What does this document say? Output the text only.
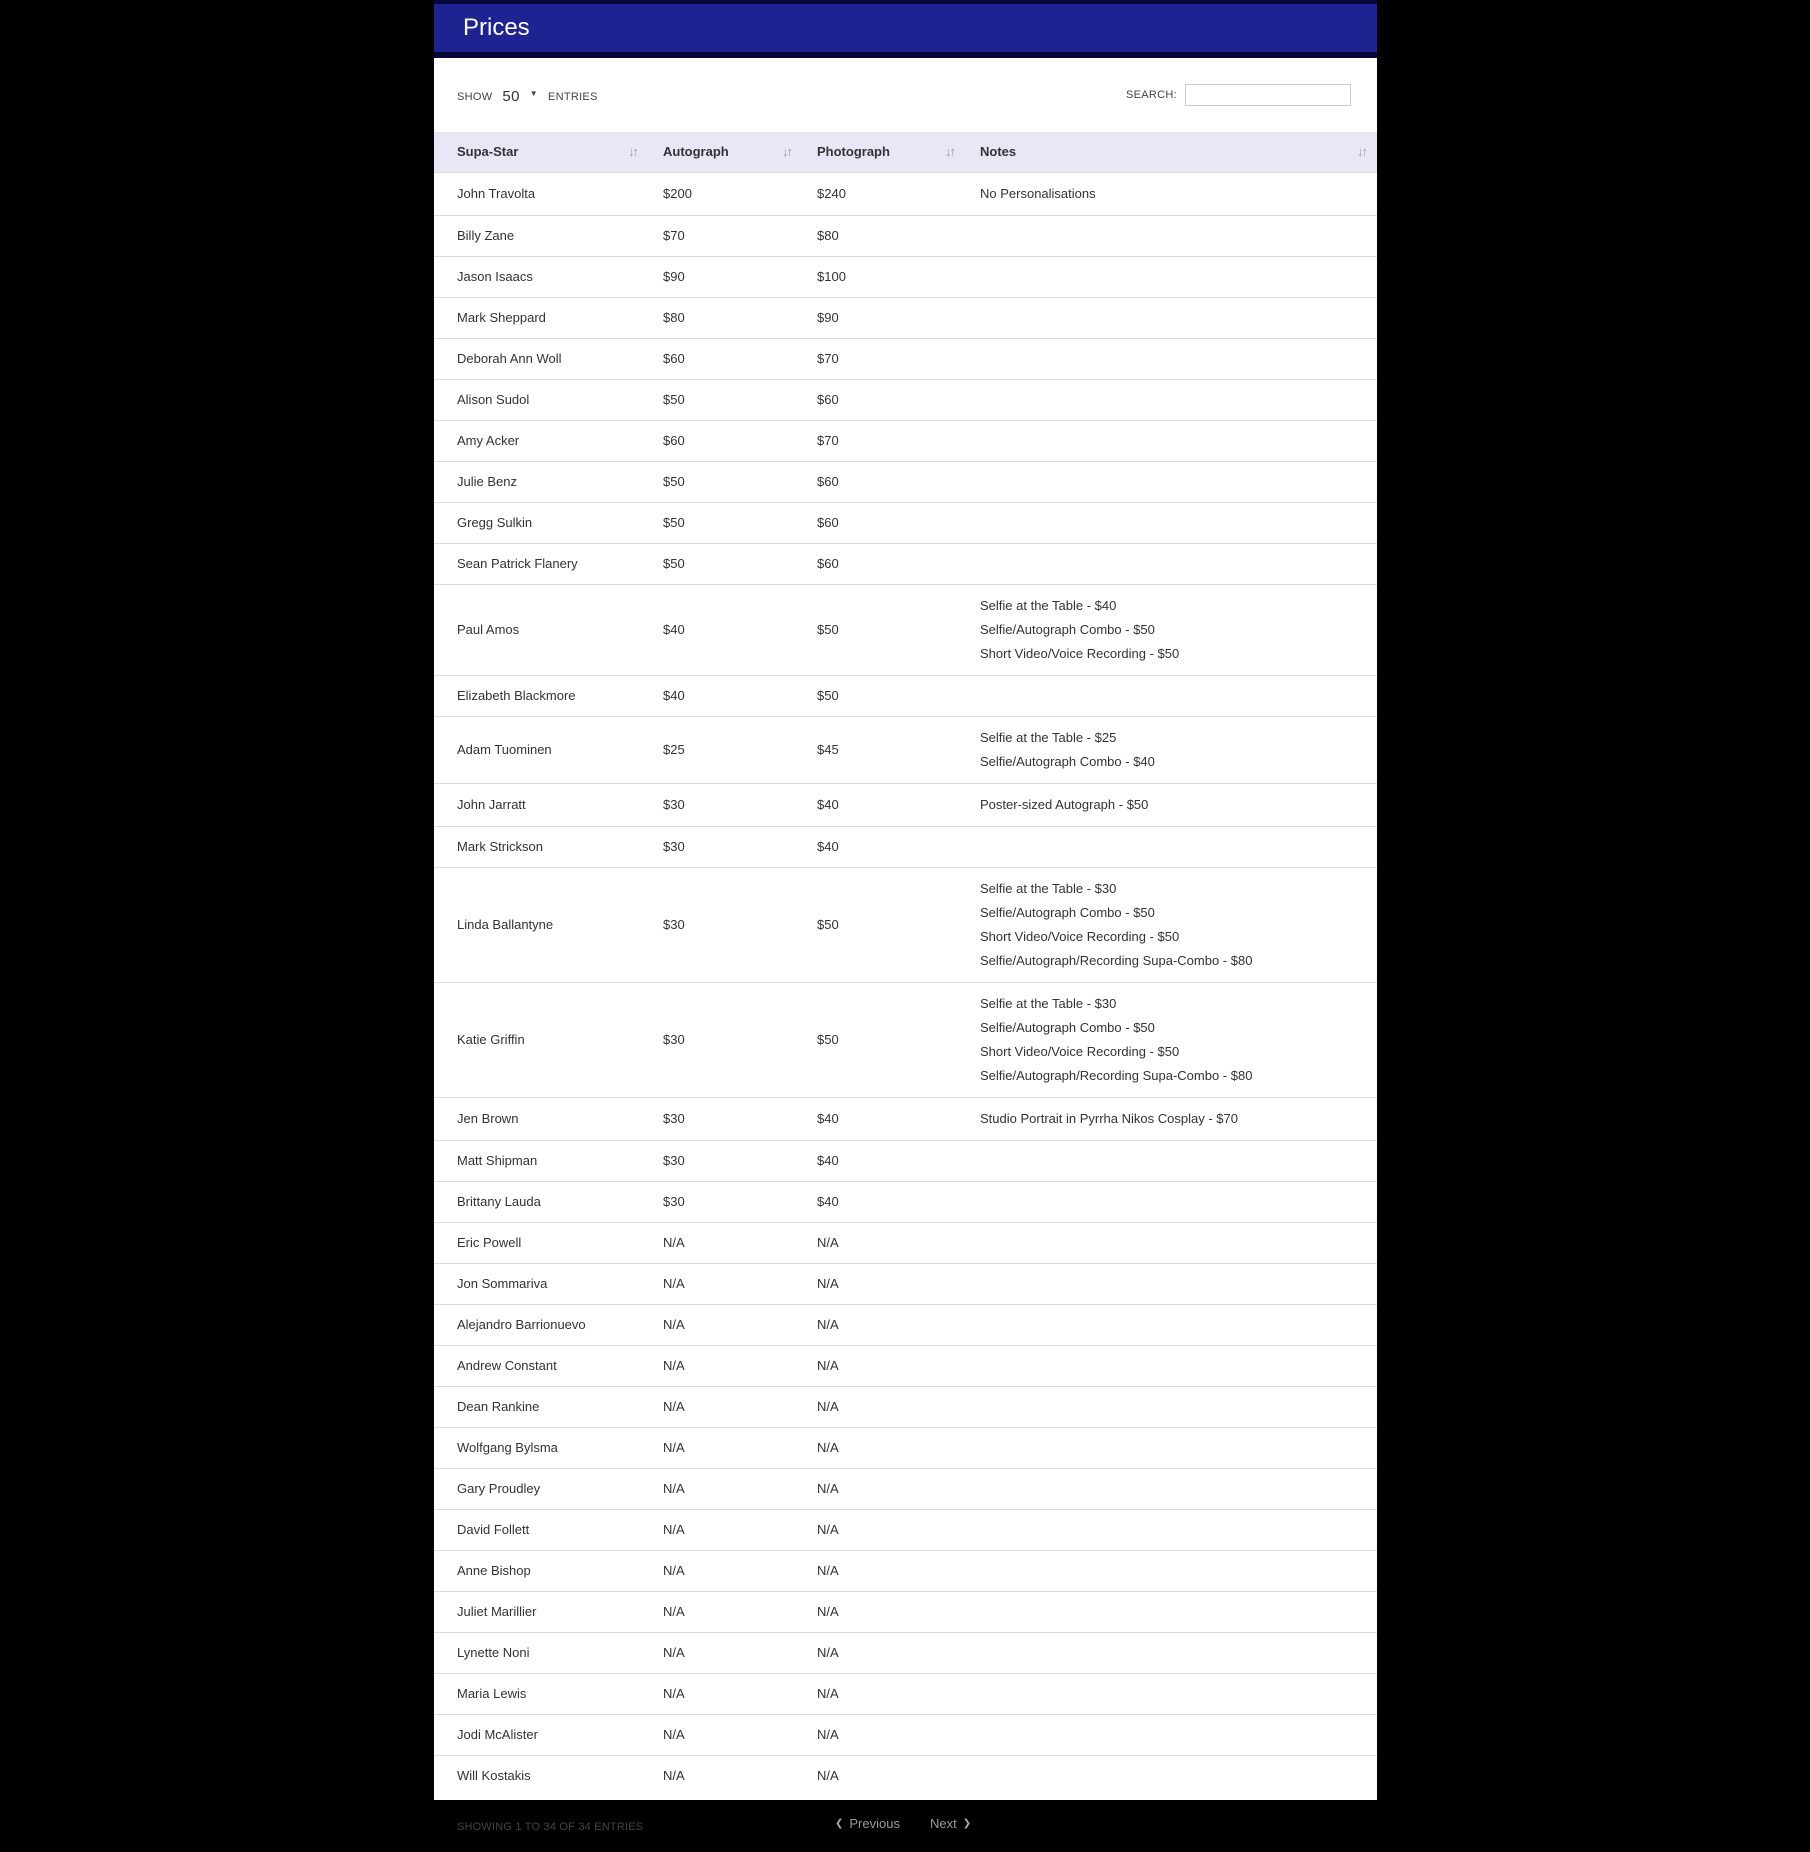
Prices
SHOW 50 ▼ ENTRIES	SEARCH:
Supa-Star ↓↑	Autograph ↓↑	Photograph ↓↑	Notes ↓↑

John Travolta	$200	$240	No Personalisations

Billy Zane	$70	$80	
Jason Isaacs	$90	$100	
Mark Sheppard	$80	$90	
Deborah Ann Woll	$60	$70	
Alison Sudol	$50	$60	
Amy Acker	$60	$70	
Julie Benz	$50	$60	
Gregg Sulkin	$50	$60	
Sean Patrick Flanery	$50	$60	
Paul Amos	$40	$50	Selfie at the Table - $40
Selfie/Autograph Combo - $50
Short Video/Voice Recording - $50

Elizabeth Blackmore	$40	$50	
Adam Tuominen	$25	$45	Selfie at the Table - $25
Selfie/Autograph Combo - $40

John Jarratt	$30	$40	Poster-sized Autograph - $50

Mark Strickson	$30	$40	
Linda Ballantyne	$30	$50	Selfie at the Table - $30
Selfie/Autograph Combo - $50
Short Video/Voice Recording - $50
Selfie/Autograph/Recording Supa-Combo - $80

Katie Griffin	$30	$50	Selfie at the Table - $30
Selfie/Autograph Combo - $50
Short Video/Voice Recording - $50
Selfie/Autograph/Recording Supa-Combo - $80

Jen Brown	$30	$40	Studio Portrait in Pyrrha Nikos Cosplay - $70

Matt Shipman	$30	$40	
Brittany Lauda	$30	$40	
Eric Powell	N/A	N/A	
Jon Sommariva	N/A	N/A	
Alejandro Barrionuevo	N/A	N/A	
Andrew Constant	N/A	N/A	
Dean Rankine	N/A	N/A	
Wolfgang Bylsma	N/A	N/A	
Gary Proudley	N/A	N/A	
David Follett	N/A	N/A	
Anne Bishop	N/A	N/A	
Juliet Marillier	N/A	N/A	
Lynette Noni	N/A	N/A	
Maria Lewis	N/A	N/A	
Jodi McAlister	N/A	N/A	
Will Kostakis	N/A	N/A	
SHOWING 1 TO 34 OF 34 ENTRIES	❮ Previous Next ❯
